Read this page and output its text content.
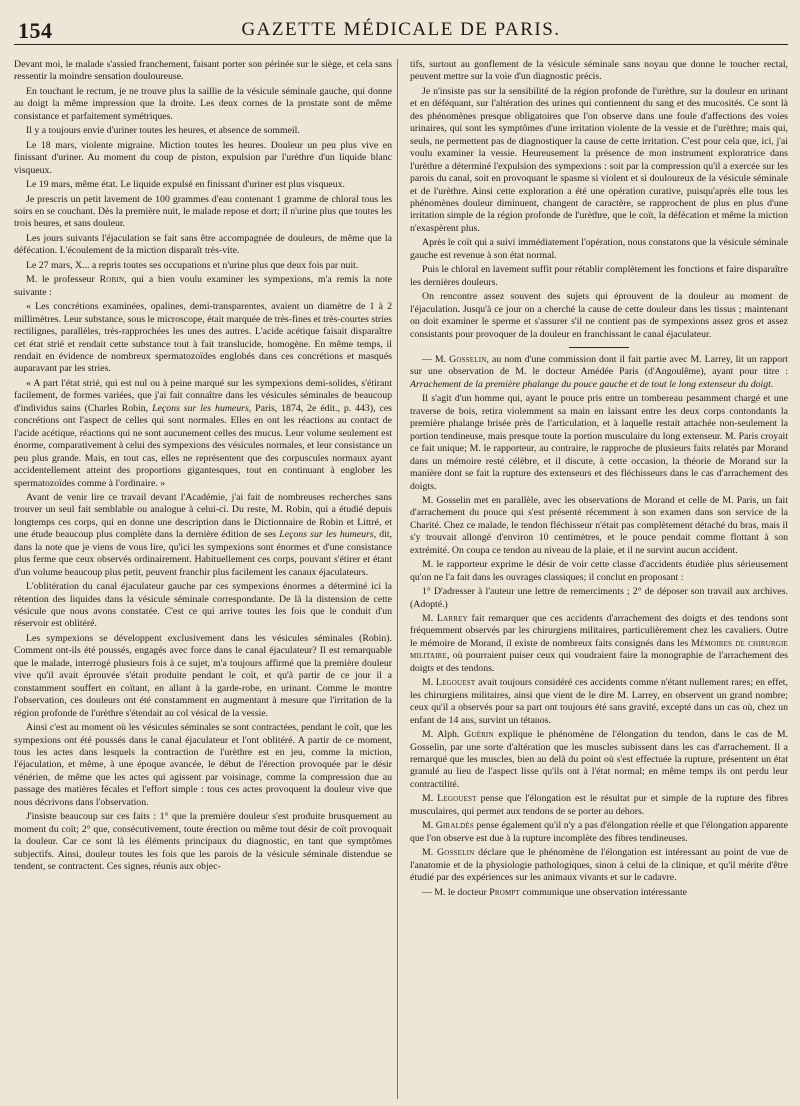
154	GAZETTE MÉDICALE DE PARIS.

Devant moi, le malade s'assied franchement, faisant porter son périnée sur le siège, et cela sans ressentir la moindre sensation douloureuse.

En touchant le rectum, je ne trouve plus la saillie de la vésicule séminale gauche, qui donne au doigt la même impression que la droite. Les deux cornes de la prostate sont de même consistance et parfaitement symétriques.

Il y a toujours envie d'uriner toutes les heures, et absence de sommeil.

Le 18 mars, violente migraine. Miction toutes les heures. Douleur un peu plus vive en finissant d'uriner. Au moment du coup de piston, expulsion par l'urèthre d'un liquide blanc visqueux.

Le 19 mars, même état. Le liquide expulsé en finissant d'uriner est plus visqueux.

Je prescris un petit lavement de 100 grammes d'eau contenant 1 gramme de chloral tous les soirs en se couchant. Dès la première nuit, le malade repose et dort; il n'urine plus que toutes les trois heures, et sans douleur.

Les jours suivants l'éjaculation se fait sans être accompagnée de douleurs, de même que la défécation. L'écoulement de la miction disparaît très-vite.

Le 27 mars, X... a repris toutes ses occupations et n'urine plus que deux fois par nuit.

M. le professeur Robin, qui a bien voulu examiner les sympexions, m'a remis la note suivante :

« Les concrétions examinées, opalines, demi-transparentes, avaient un diamètre de 1 à 2 millimètres. Leur substance, sous le microscope, était marquée de très-fines et très-courtes stries rectilignes, parallèles, très-rapprochées les unes des autres. L'acide acétique faisait disparaître cet état strié et rendait cette substance tout à fait translucide, homogène. En même temps, il rendait en évidence de nombreux spermatozoïdes englobés dans ces concrétions et masqués auparavant par les stries.

« A part l'état strié, qui est nul ou à peine marqué sur les sympexions demi-solides, s'étirant facilement, de formes variées, que j'ai fait connaître dans les vésicules séminales de beaucoup d'individus sains (Charles Robin, Leçons sur les humeurs, Paris, 1874, 2e édit., p. 443), ces concrétions ont l'aspect de celles qui sont normales. Elles en ont les réactions au contact de l'acide acétique, réactions qui ne sont aucunement celles des mucus. Leur volume seulement est énorme, comparativement à celui des sympexions des vésicules normales, et leur consistance un peu plus grande. Mais, en tout cas, elles ne représentent que des corpuscules normaux ayant accidentellement atteint des proportions gigantesques, tout en continuant à englober les spermatozoïdes comme à l'ordinaire. »

Avant de venir lire ce travail devant l'Académie, j'ai fait de nombreuses recherches sans trouver un seul fait semblable ou analogue à celui-ci. Du reste, M. Robin, qui a étudié depuis longtemps ces corps, qui en donne une description dans le Dictionnaire de Robin et Littré, et une étude beaucoup plus complète dans la dernière édition de ses Leçons sur les humeurs, dit, dans la note que je viens de vous lire, qu'ici les sympexions sont énormes et d'une consistance plus ferme que ceux observés ordinairement. Habituellement ces corps, pouvant s'étirer et étant d'un volume beaucoup plus petit, peuvent franchir plus facilement les canaux éjaculateurs.

L'oblitération du canal éjaculateur gauche par ces sympexions énormes a déterminé ici la rétention des liquides dans la vésicule séminale correspondante. De là la distension de cette vésicule que nous avons constatée. C'est ce qui arrive toutes les fois que le conduit d'un réservoir est oblitéré.

Les sympexions se développent exclusivement dans les vésicules séminales (Robin). Comment ont-ils été poussés, engagés avec force dans le canal éjaculateur? Il est remarquable que le malade, interrogé plusieurs fois à ce sujet, m'a toujours affirmé que la première douleur vive qu'il avait éprouvée s'était produite pendant le coït, et qu'à partir de ce jour il a constamment souffert en coïtant, en allant à la garde-robe, en urinant. Comme le montre l'observation, ces douleurs ont été constamment en augmentant à mesure que l'irritation de la région profonde de l'urèthre s'étendait au col vésical de la vessie.

Ainsi c'est au moment où les vésicules séminales se sont contractées, pendant le coït, que les sympexions ont été poussés dans le canal éjaculateur et l'ont oblitéré. A partir de ce moment, tous les actes dans lesquels la contraction de l'urèthre est en jeu, comme la miction, l'éjaculation, et même, à une époque avancée, le début de l'érection provoquée par le désir vénérien, de même que les actes qui agissent par voisinage, comme la compression due au passage des matières fécales et l'effort simple : tous ces actes provoquent la douleur vive que nous décrivons dans l'observation.

J'insiste beaucoup sur ces faits : 1° que la première douleur s'est produite brusquement au moment du coït; 2° que, consécutivement, toute érection ou même tout désir de coït provoquait la douleur. Car ce sont là les éléments principaux du diagnostic, en tant que symptômes subjectifs. Ainsi, douleur toutes les fois que les parois de la vésicule séminale distendue se tendent, se contractent. Ces signes, réunis aux objec-

tifs, surtout au gonflement de la vésicule séminale sans noyau que donne le toucher rectal, peuvent mettre sur la voie d'un diagnostic précis.

Je n'insiste pas sur la sensibilité de la région profonde de l'urèthre, sur la douleur en urinant et en déféquant, sur l'altération des urines qui contiennent du sang et des mucosités. Ce sont là des phénomènes presque obligatoires que l'on observe dans une foule d'affections des voies urinaires, qui sont les symptômes d'une irritation violente de la vessie et de l'urèthre; mais qui, seuls, ne permettent pas de diagnostiquer la cause de cette irritation. C'est pour cela que, ici, j'ai voulu examiner la vessie. Heureusement la présence de mon instrument exploratrice dans l'urèthre a déterminé l'expulsion des sympexions : soit par la compression qu'il a exercée sur les parois du canal, soit en provoquant le spasme si violent et si douloureux de la vésicule séminale et de l'urèthre. Ainsi cette exploration a été une opération curative, puisqu'après elle tous les phénomènes douleur diminuent, changent de caractère, se rapprochent de plus en plus d'une irritation simple de la région profonde de l'urèthre, que le coït, la défécation et même la miction n'exaspèrent plus.

Après le coït qui a suivi immédiatement l'opération, nous constatons que la vésicule séminale gauche est revenue à son état normal.

Puis le chloral en lavement suffit pour rétablir complètement les fonctions et faire disparaître les dernières douleurs.

On rencontre assez souvent des sujets qui éprouvent de la douleur au moment de l'éjaculation. Jusqu'à ce jour on a cherché la cause de cette douleur dans les tissus ; maintenant on doit examiner le sperme et s'assurer s'il ne contient pas de sympexions assez gros et assez consistants pour provoquer de la douleur en franchissant le canal éjaculateur.

— M. Gosselin, au nom d'une commission dont il fait partie avec M. Larrey, lit un rapport sur une observation de M. le docteur Amédée Paris (d'Angoulême), ayant pour titre : Arrachement de la première phalange du pouce gauche et de tout le long extenseur du doigt.

Il s'agit d'un homme qui, ayant le pouce pris entre un tombereau pesamment chargé et une traverse de bois, retira violemment sa main en laissant entre les deux corps contondants la première phalange brisée près de l'articulation, et à laquelle restait attachée non-seulement la portion tendineuse, mais presque toute la portion musculaire du long extenseur. M. Paris croyait ce fait unique; M. le rapporteur, au contraire, le rapproche de plusieurs faits relatés par Morand dans un mémoire resté célèbre, et il discute, à cette occasion, la théorie de Morand sur la manière dont se fait la rupture des extenseurs et des fléchisseurs dans le cas d'arrachement des doigts.

M. Gosselin met en parallèle, avec les observations de Morand et celle de M. Paris, un fait d'arrachement du pouce qui s'est présenté récemment à son examen dans son service de la Charité. Chez ce malade, le tendon fléchisseur n'était pas complètement détaché du bras, mais il s'y trouvait allongé d'environ 10 centimètres, et le pouce pendait comme flottant à son extrémité. On coupa ce tendon au niveau de la plaie, et il ne survint aucun accident.

M. le rapporteur exprime le désir de voir cette classe d'accidents étudiée plus sérieusement qu'on ne l'a fait dans les ouvrages classiques; il conclut en proposant :

1° D'adresser à l'auteur une lettre de remerciments ; 2° de déposer son travail aux archives. (Adopté.)

M. Larrey fait remarquer que ces accidents d'arrachement des doigts et des tendons sont fréquemment observés par les chirurgiens militaires, particulièrement chez les cavaliers. Outre le mémoire de Morand, il existe de nombreux faits consignés dans les Mémoires de chirurgie militaire, où pourraient puiser ceux qui voudraient faire la monographie de l'arrachement des doigts et des tendons.

M. Legouest avait toujours considéré ces accidents comme n'étant nullement rares; en effet, les chirurgiens militaires, ainsi que vient de le dire M. Larrey, en observent un grand nombre; ceux qu'il a observés pour sa part ont toujours été sans gravité, excepté dans un cas où, chez un enfant de 14 ans, survint un tétanos.

M. Alph. Guérin explique le phénomène de l'élongation du tendon, dans le cas de M. Gosselin, par une sorte d'altération que les muscles subissent dans les cas d'arrachement. Il a remarqué que les muscles, bien au delà du point où s'est effectuée la rupture, présentent un état granulé au lieu de l'aspect lisse qu'ils ont à l'état normal; en même temps ils ont perdu leur contractilité.

M. Legouest pense que l'élongation est le résultat pur et simple de la rupture des fibres musculaires, qui permet aux tendons de se porter au dehors.

M. Giraldès pense également qu'il n'y a pas d'élongation réelle et que l'élongation apparente que l'on observe est due à la rupture incomplète des fibres tendineuses.

M. Gosselin déclare que le phénomène de l'élongation est intéressant au point de vue de l'anatomie et de la physiologie pathologiques, sinon à celui de la clinique, et qu'il mérite d'être étudié par des expériences sur les animaux vivants et sur le cadavre.

— M. le docteur Prompt communique une observation intéressante
